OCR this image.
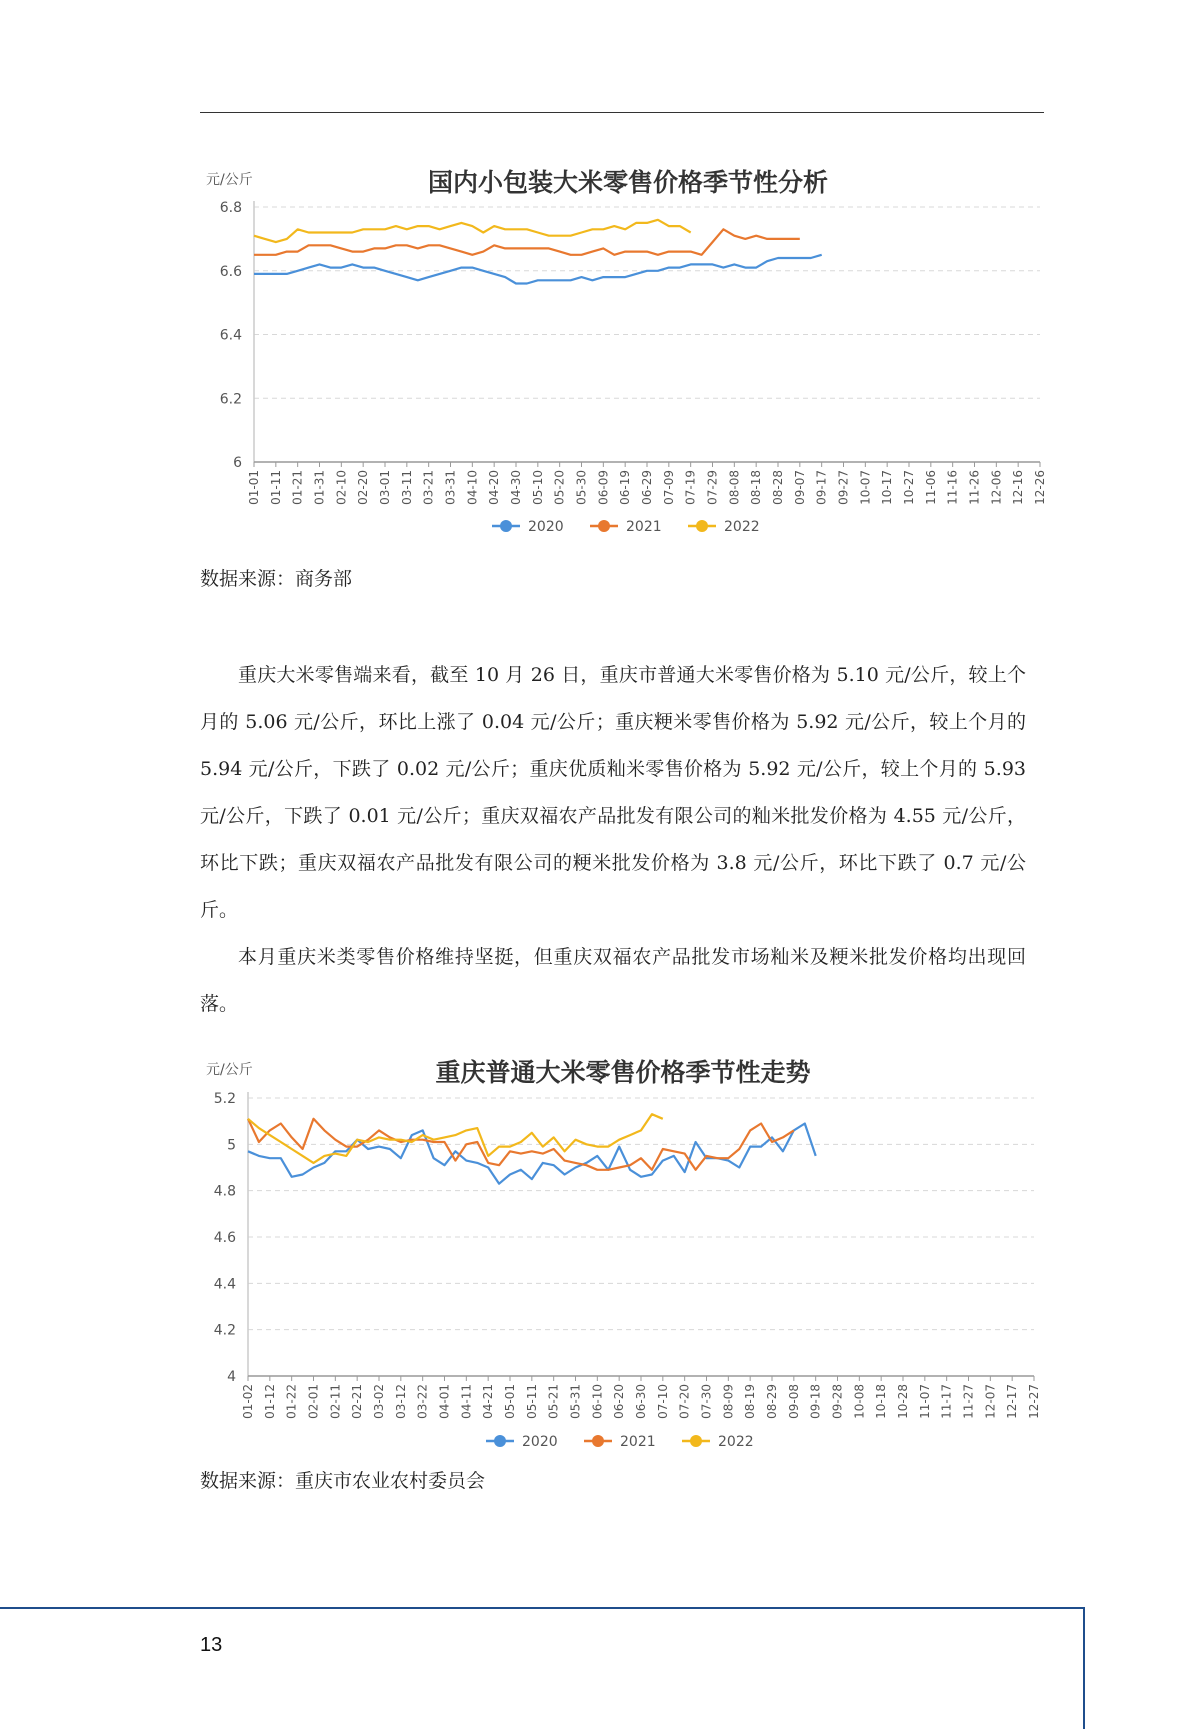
国内小包装大米零售价格季节性分析
元/公斤
6.8
6.6
6.4
6.2
6
01-01 01-11 01-21 01-31 02-10 02-20 03-01 03-11 03-21 03-31 04-10 04-20 04-30 05-10 05-20 05-30 06-09 06-19 06-29 07-09 07-19 07-29 08-08 08-18 08-28 09-07 09-17 09-27 10-07 10-17 10-27 11-06 11-16 11-26 12-06 12-16 12-26
2020	2021	2022
数据来源：商务部

重庆大米零售端来看，截至 10 月 26 日，重庆市普通大米零售价格为 5.10 元/公斤，较上个月的 5.06 元/公斤，环比上涨了 0.04 元/公斤；重庆粳米零售价格为 5.92 元/公斤，较上个月的 5.94 元/公斤，下跌了 0.02 元/公斤；重庆优质籼米零售价格为 5.92 元/公斤，较上个月的 5.93 元/公斤，下跌了 0.01 元/公斤；重庆双福农产品批发有限公司的籼米批发价格为 4.55 元/公斤，环比下跌；重庆双福农产品批发有限公司的粳米批发价格为 3.8 元/公斤，环比下跌了 0.7 元/公斤。

本月重庆米类零售价格维持坚挺，但重庆双福农产品批发市场籼米及粳米批发价格均出现回落。

重庆普通大米零售价格季节性走势
元/公斤
5.2
5
4.8
4.6
4.4
4.2
4
01-02 01-12 01-22 02-01 02-11 02-21 03-02 03-12 03-22 04-01 04-11 04-21 05-01 05-11 05-21 05-31 06-10 06-20 06-30 07-10 07-20 07-30 08-09 08-19 08-29 09-08 09-18 09-28 10-08 10-18 10-28 11-07 11-17 11-27 12-07 12-17 12-27
2020	2021	2022
数据来源：重庆市农业农村委员会
13
